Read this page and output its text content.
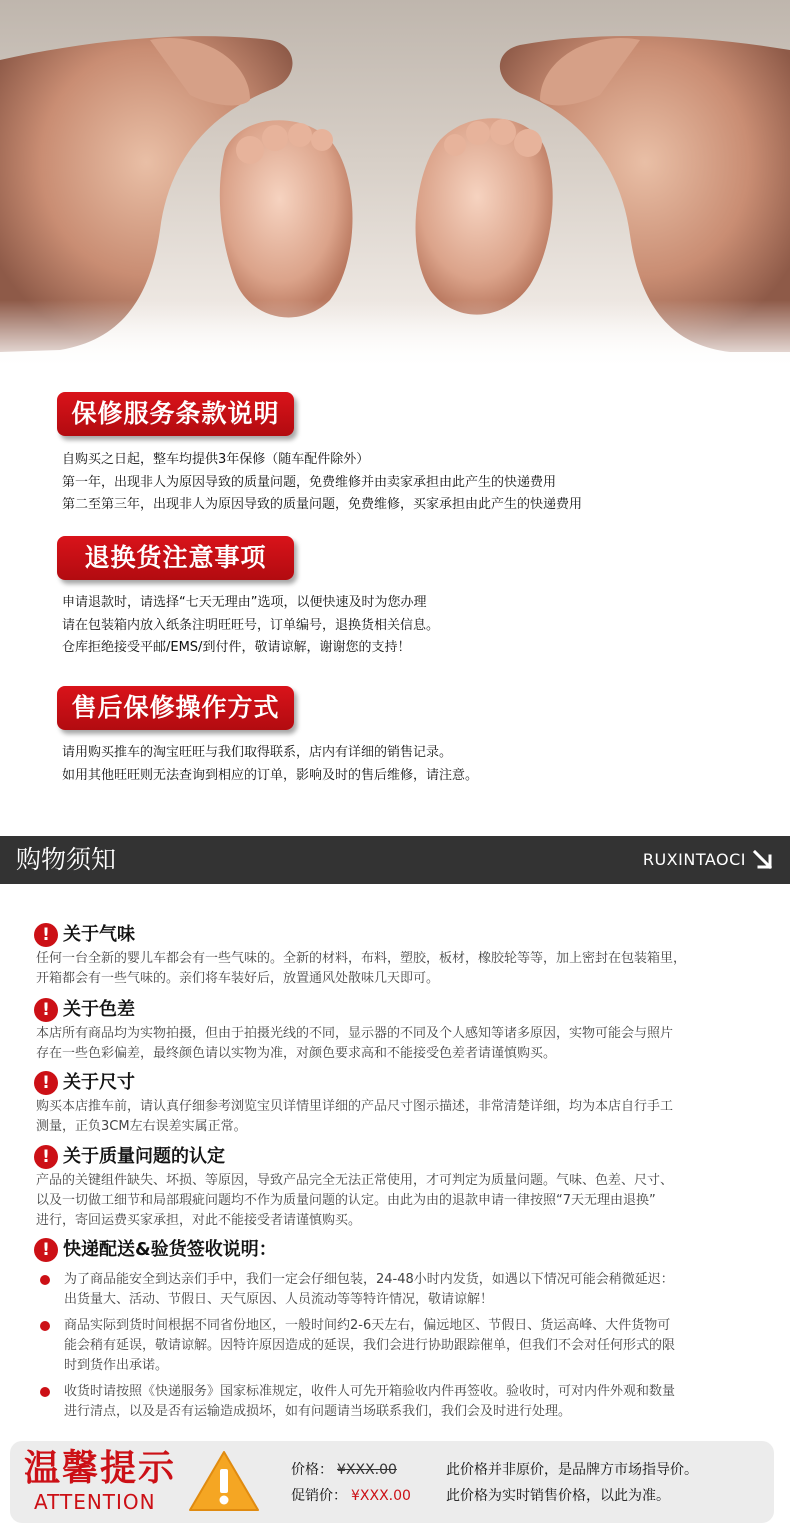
保修服务条款说明
自购买之日起，整车均提供3年保修（随车配件除外）
第一年，出现非人为原因导致的质量问题，免费维修并由卖家承担由此产生的快递费用
第二至第三年，出现非人为原因导致的质量问题，免费维修，买家承担由此产生的快递费用
退换货注意事项
申请退款时，请选择“七天无理由”选项，以便快速及时为您办理
请在包装箱内放入纸条注明旺旺号，订单编号，退换货相关信息。
仓库拒绝接受平邮/EMS/到付件，敬请谅解，谢谢您的支持！
售后保修操作方式
请用购买推车的淘宝旺旺与我们取得联系，店内有详细的销售记录。
如用其他旺旺则无法查询到相应的订单，影响及时的售后维修，请注意。
购物须知	RUXINTAOCI
! 关于气味
任何一台全新的婴儿车都会有一些气味的。全新的材料，布料，塑胶，板材，橡胶轮等等，加上密封在包装箱里，
开箱都会有一些气味的。亲们将车装好后，放置通风处散味几天即可。
! 关于色差
本店所有商品均为实物拍摄，但由于拍摄光线的不同，显示器的不同及个人感知等诸多原因，实物可能会与照片
存在一些色彩偏差，最终颜色请以实物为准，对颜色要求高和不能接受色差者请谨慎购买。
! 关于尺寸
购买本店推车前，请认真仔细参考浏览宝贝详情里详细的产品尺寸图示描述，非常清楚详细，均为本店自行手工
测量，正负3CM左右误差实属正常。
! 关于质量问题的认定
产品的关键组件缺失、坏损、等原因，导致产品完全无法正常使用，才可判定为质量问题。气味、色差、尺寸、
以及一切做工细节和局部瑕疵问题均不作为质量问题的认定。由此为由的退款申请一律按照“7天无理由退换”
进行，寄回运费买家承担，对此不能接受者请谨慎购买。
! 快递配送&验货签收说明：
为了商品能安全到达亲们手中，我们一定会仔细包装，24-48小时内发货，如遇以下情况可能会稍微延迟：
出货量大、活动、节假日、天气原因、人员流动等等特许情况，敬请谅解！
商品实际到货时间根据不同省份地区，一般时间约2-6天左右，偏远地区、节假日、货运高峰、大件货物可
能会稍有延误，敬请谅解。因特许原因造成的延误，我们会进行协助跟踪催单，但我们不会对任何形式的限
时到货作出承诺。
收货时请按照《快递服务》国家标准规定，收件人可先开箱验收内件再签收。验收时，可对内件外观和数量
进行清点，以及是否有运输造成损坏，如有问题请当场联系我们，我们会及时进行处理。
温馨提示
ATTENTION
价格： ¥XXX.00	此价格并非原价，是品牌方市场指导价。
促销价： ¥XXX.00	此价格为实时销售价格，以此为准。
